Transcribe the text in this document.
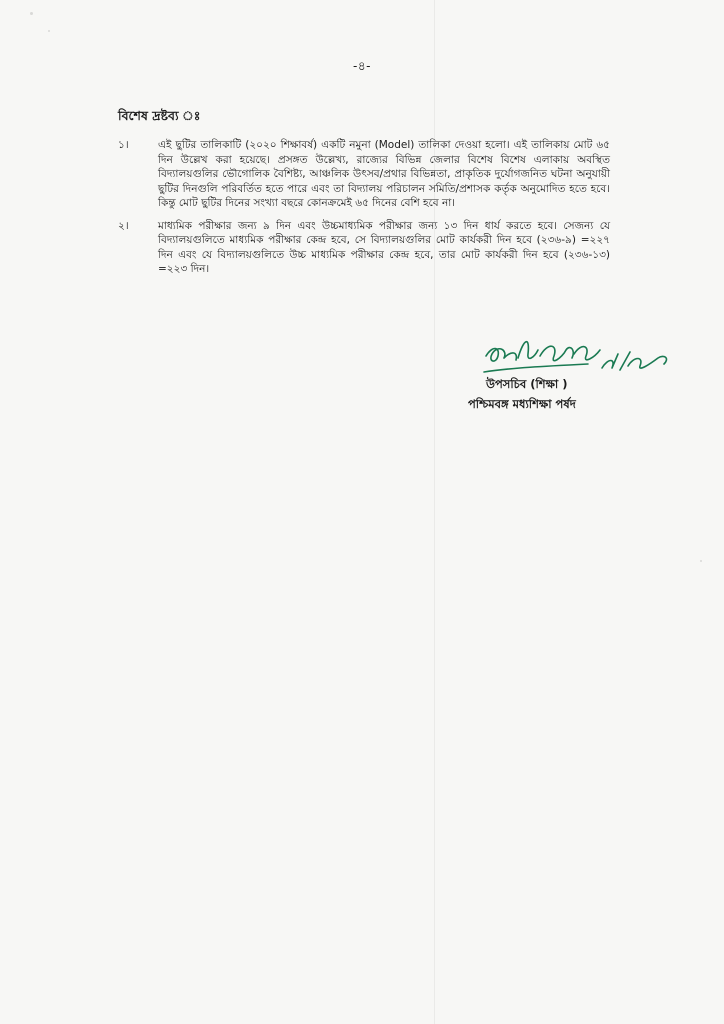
-৪-
বিশেষ দ্রষ্টব্য ঃ
১।	এই ছুটির তালিকাটি (২০২০ শিক্ষাবর্ষ) একটি নমুনা (Model) তালিকা দেওয়া হলো। এই তালিকায় মোট ৬৫ দিন উল্লেখ করা হয়েছে। প্রসঙ্গত উল্লেখ্য, রাজ্যের বিভিন্ন জেলার বিশেষ বিশেষ এলাকায় অবস্থিত বিদ্যালয়গুলির ভৌগোলিক বৈশিষ্ট্য, আঞ্চলিক উৎসব/প্রথার বিভিন্নতা, প্রাকৃতিক দুর্যোগজনিত ঘটনা অনুযায়ী ছুটির দিনগুলি পরিবর্তিত হতে পারে এবং তা বিদ্যালয় পরিচালন সমিতি/প্রশাসক কর্তৃক অনুমোদিত হতে হবে। কিন্তু মোট ছুটির দিনের সংখ্যা বছরে কোনক্রমেই ৬৫ দিনের বেশি হবে না।
২।	মাধ্যমিক পরীক্ষার জন্য ৯ দিন এবং উচ্চমাধ্যমিক পরীক্ষার জন্য ১৩ দিন ধার্য করতে হবে। সেজন্য যে বিদ্যালয়গুলিতে মাধ্যমিক পরীক্ষার কেন্দ্র হবে, সে বিদ্যালয়গুলির মোট কার্যকরী দিন হবে (২৩৬-৯) =২২৭ দিন এবং যে বিদ্যালয়গুলিতে উচ্চ মাধ্যমিক পরীক্ষার কেন্দ্র হবে, তার মোট কার্যকরী দিন হবে (২৩৬-১৩) =২২৩ দিন।
উপসচিব (শিক্ষা )
পশ্চিমবঙ্গ মধ্যশিক্ষা পর্ষদ
